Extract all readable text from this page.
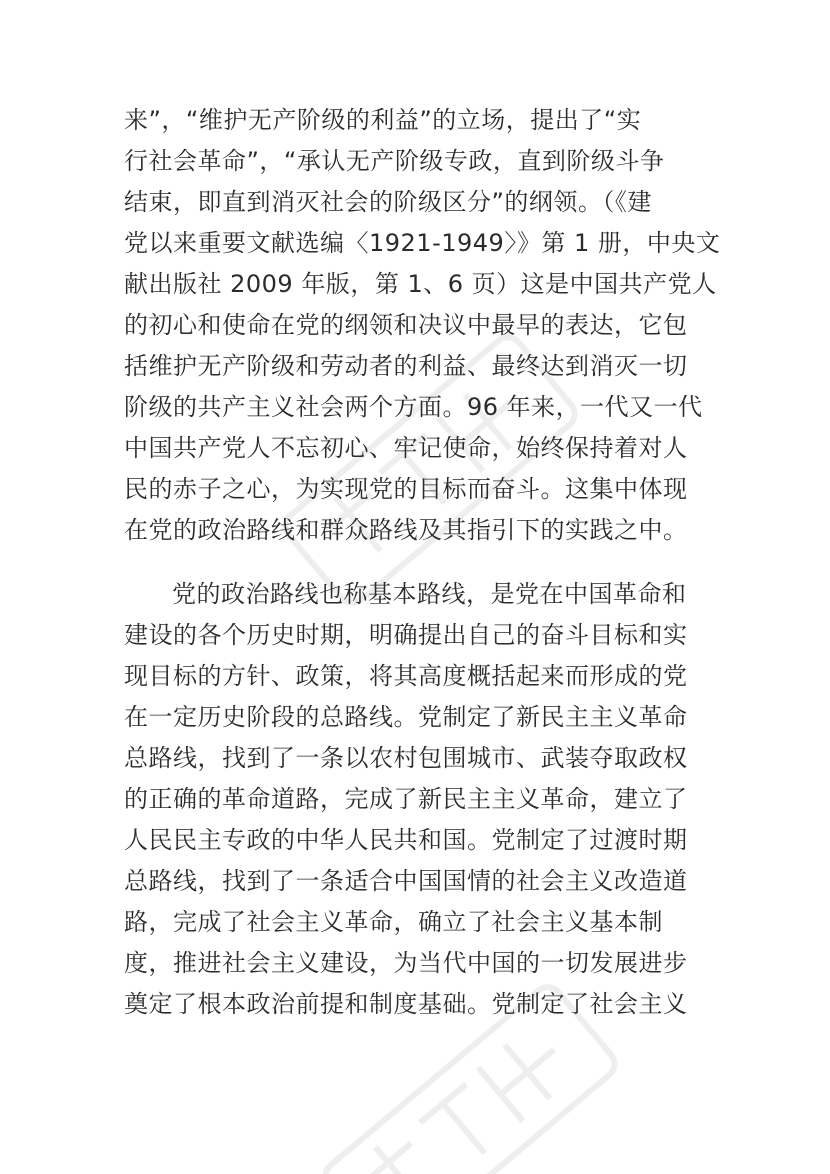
来”，“维护无产阶级的利益”的立场，提出了“实
行社会革命”，“承认无产阶级专政，直到阶级斗争
结束，即直到消灭社会的阶级区分”的纲领。（《建
党以来重要文献选编〈1921-1949〉》第 1 册，中央文
献出版社 2009 年版，第 1、6 页）这是中国共产党人
的初心和使命在党的纲领和决议中最早的表达，它包
括维护无产阶级和劳动者的利益、最终达到消灭一切
阶级的共产主义社会两个方面。96 年来，一代又一代
中国共产党人不忘初心、牢记使命，始终保持着对人
民的赤子之心，为实现党的目标而奋斗。这集中体现
在党的政治路线和群众路线及其指引下的实践之中。
党的政治路线也称基本路线，是党在中国革命和
建设的各个历史时期，明确提出自己的奋斗目标和实
现目标的方针、政策，将其高度概括起来而形成的党
在一定历史阶段的总路线。党制定了新民主主义革命
总路线，找到了一条以农村包围城市、武装夺取政权
的正确的革命道路，完成了新民主主义革命，建立了
人民民主专政的中华人民共和国。党制定了过渡时期
总路线，找到了一条适合中国国情的社会主义改造道
路，完成了社会主义革命，确立了社会主义基本制
度，推进社会主义建设，为当代中国的一切发展进步
奠定了根本政治前提和制度基础。党制定了社会主义
